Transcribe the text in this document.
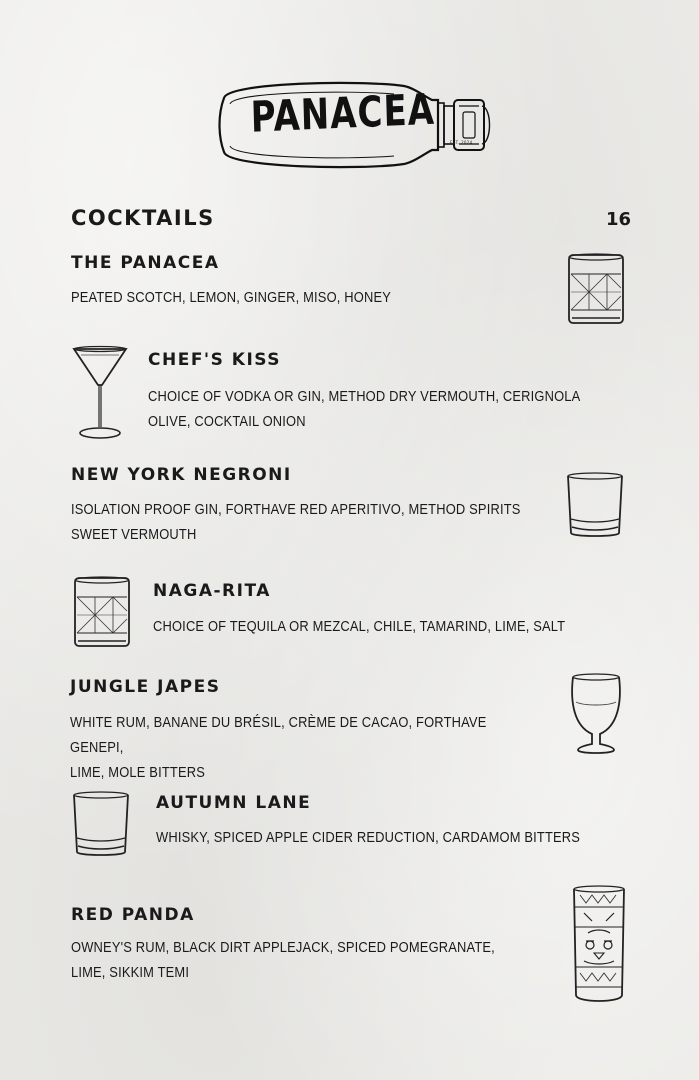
PANACEA	EST. 2024
COCKTAILS	16
THE PANACEA
PEATED SCOTCH, LEMON, GINGER, MISO, HONEY
CHEF'S KISS
CHOICE OF VODKA OR GIN, METHOD DRY VERMOUTH, CERIGNOLA
OLIVE, COCKTAIL ONION
NEW YORK NEGRONI
ISOLATION PROOF GIN, FORTHAVE RED APERITIVO, METHOD SPIRITS
SWEET VERMOUTH
NAGA-RITA
CHOICE OF TEQUILA OR MEZCAL, CHILE, TAMARIND, LIME, SALT
JUNGLE JAPES
WHITE RUM, BANANE DU BRÉSIL, CRÈME DE CACAO, FORTHAVE GENEPI,
LIME, MOLE BITTERS
AUTUMN LANE
WHISKY, SPICED APPLE CIDER REDUCTION, CARDAMOM BITTERS
RED PANDA
OWNEY'S RUM, BLACK DIRT APPLEJACK, SPICED POMEGRANATE,
LIME, SIKKIM TEMI
